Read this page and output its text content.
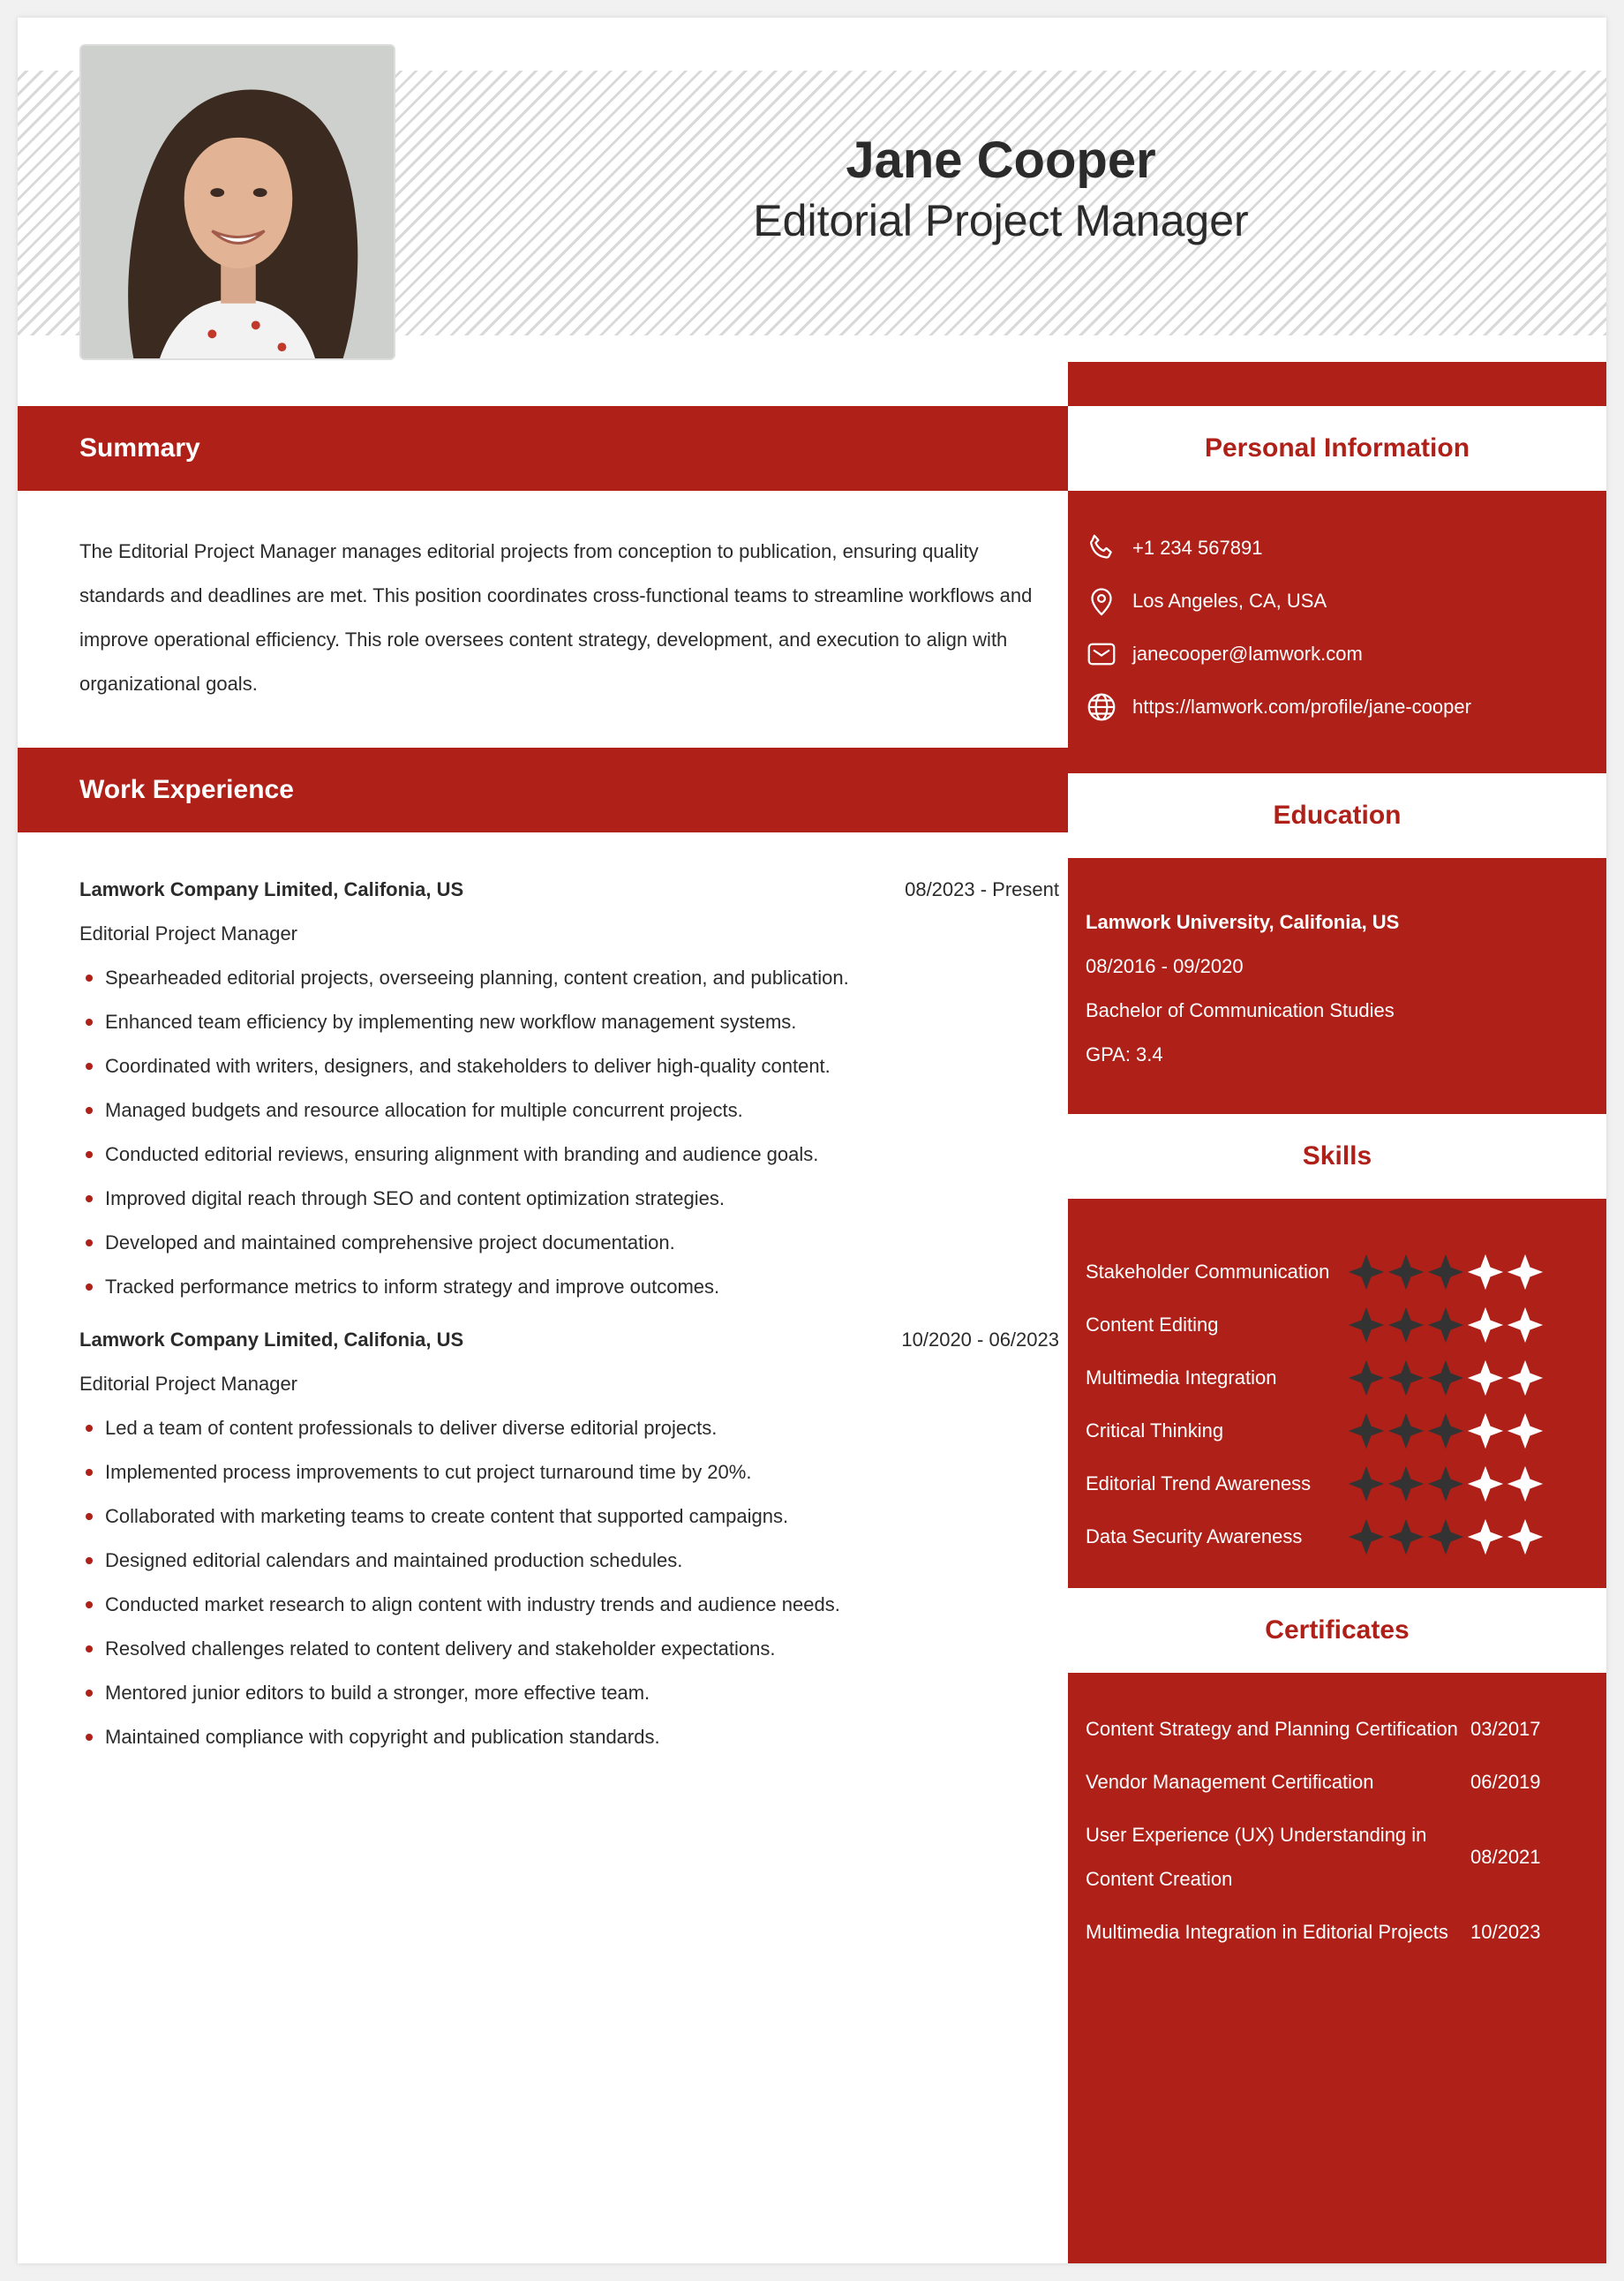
Jane Cooper
Editorial Project Manager
Summary
The Editorial Project Manager manages editorial projects from conception to publication, ensuring quality standards and deadlines are met. This position coordinates cross-functional teams to streamline workflows and improve operational efficiency. This role oversees content strategy, development, and execution to align with organizational goals.
Work Experience
Lamwork Company Limited, Califonia, US	08/2023 - Present
Editorial Project Manager
Spearheaded editorial projects, overseeing planning, content creation, and publication.
Enhanced team efficiency by implementing new workflow management systems.
Coordinated with writers, designers, and stakeholders to deliver high-quality content.
Managed budgets and resource allocation for multiple concurrent projects.
Conducted editorial reviews, ensuring alignment with branding and audience goals.
Improved digital reach through SEO and content optimization strategies.
Developed and maintained comprehensive project documentation.
Tracked performance metrics to inform strategy and improve outcomes.
Lamwork Company Limited, Califonia, US	10/2020 - 06/2023
Editorial Project Manager
Led a team of content professionals to deliver diverse editorial projects.
Implemented process improvements to cut project turnaround time by 20%.
Collaborated with marketing teams to create content that supported campaigns.
Designed editorial calendars and maintained production schedules.
Conducted market research to align content with industry trends and audience needs.
Resolved challenges related to content delivery and stakeholder expectations.
Mentored junior editors to build a stronger, more effective team.
Maintained compliance with copyright and publication standards.
Personal Information
+1 234 567891
Los Angeles, CA, USA
janecooper@lamwork.com
https://lamwork.com/profile/jane-cooper
Education
Lamwork University, Califonia, US
08/2016 - 09/2020
Bachelor of Communication Studies
GPA: 3.4
Skills
Stakeholder Communication
Content Editing
Multimedia Integration
Critical Thinking
Editorial Trend Awareness
Data Security Awareness
Certificates
Content Strategy and Planning Certification 03/2017
Vendor Management Certification	06/2019
User Experience (UX) Understanding in Content Creation
08/2021
Multimedia Integration in Editorial Projects	10/2023
